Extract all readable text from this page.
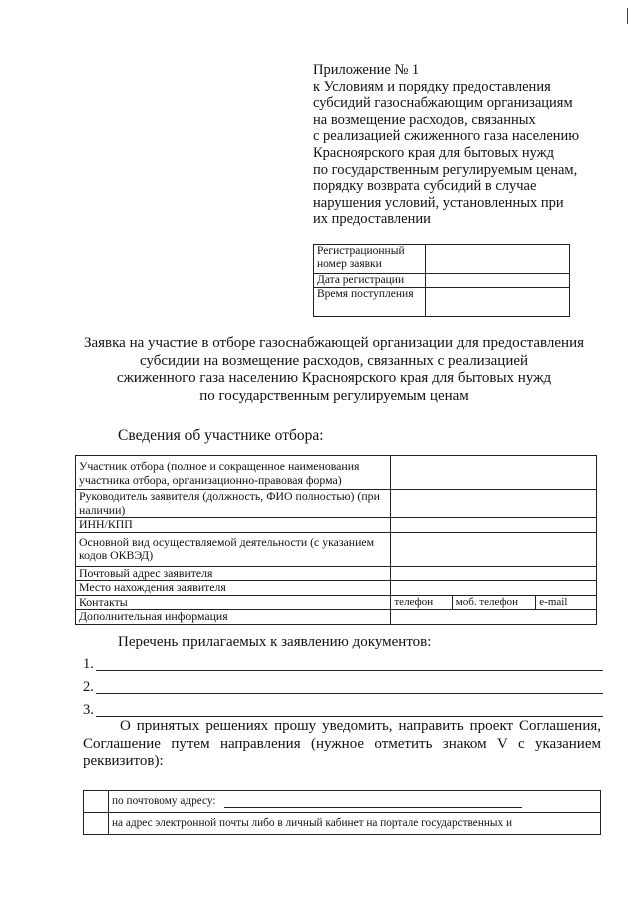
Приложение № 1
к Условиям и порядку предоставления
субсидий газоснабжающим организациям
на возмещение расходов, связанных
с реализацией сжиженного газа населению
Красноярского края для бытовых нужд
по государственным регулируемым ценам,
порядку возврата субсидий в случае
нарушения условий, установленных при
их предоставлении
Регистрационный номер заявки	
Дата регистрации	
Время поступления	
Заявка на участие в отборе газоснабжающей организации для предоставления
субсидии на возмещение расходов, связанных с реализацией
сжиженного газа населению Красноярского края для бытовых нужд
по государственным регулируемым ценам
Сведения об участнике отбора:
Участник отбора (полное и сокращенное наименования участника отбора, организационно-правовая форма)			
Руководитель заявителя (должность, ФИО полностью) (при наличии)			
ИНН/КПП			
Основной вид осуществляемой деятельности (с указанием кодов ОКВЭД)			
Почтовый адрес заявителя			
Место нахождения заявителя			
Контакты	телефон	моб. телефон	e-mail
Дополнительная информация			
Перечень прилагаемых к заявлению документов:
1.
2.
3.
О принятых решениях прошу уведомить, направить проект Соглашения,
Соглашение путем направления (нужное отметить знаком V с указанием
реквизитов):
	по почтовому адресу:
	на адрес электронной почты либо в личный кабинет на портале государственных и
